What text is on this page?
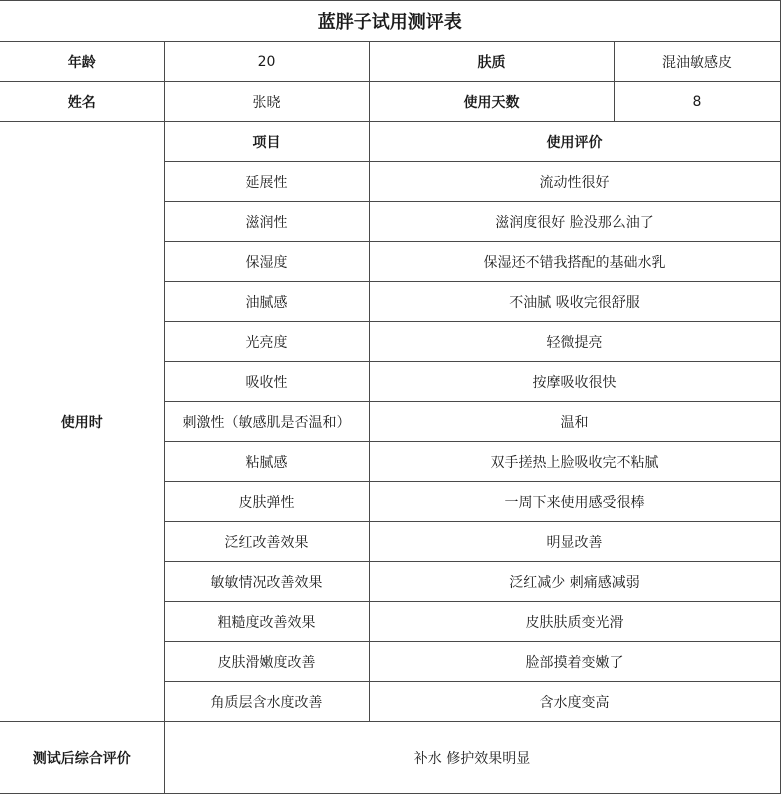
蓝胖子试用测评表			
年龄	20	肤质	混油敏感皮
姓名	张晓	使用天数	8
使用时	项目	使用评价	
	延展性	流动性很好	
	滋润性	滋润度很好 脸没那么油了	
	保湿度	保湿还不错我搭配的基础水乳	
	油腻感	不油腻 吸收完很舒服	
	光亮度	轻微提亮	
	吸收性	按摩吸收很快	
	刺激性（敏感肌是否温和）	温和	
	粘腻感	双手搓热上脸吸收完不粘腻	
	皮肤弹性	一周下来使用感受很棒	
	泛红改善效果	明显改善	
	敏敏情况改善效果	泛红减少 刺痛感减弱	
	粗糙度改善效果	皮肤肤质变光滑	
	皮肤滑嫩度改善	脸部摸着变嫩了	
	角质层含水度改善	含水度变高	
测试后综合评价	补水 修护效果明显		
